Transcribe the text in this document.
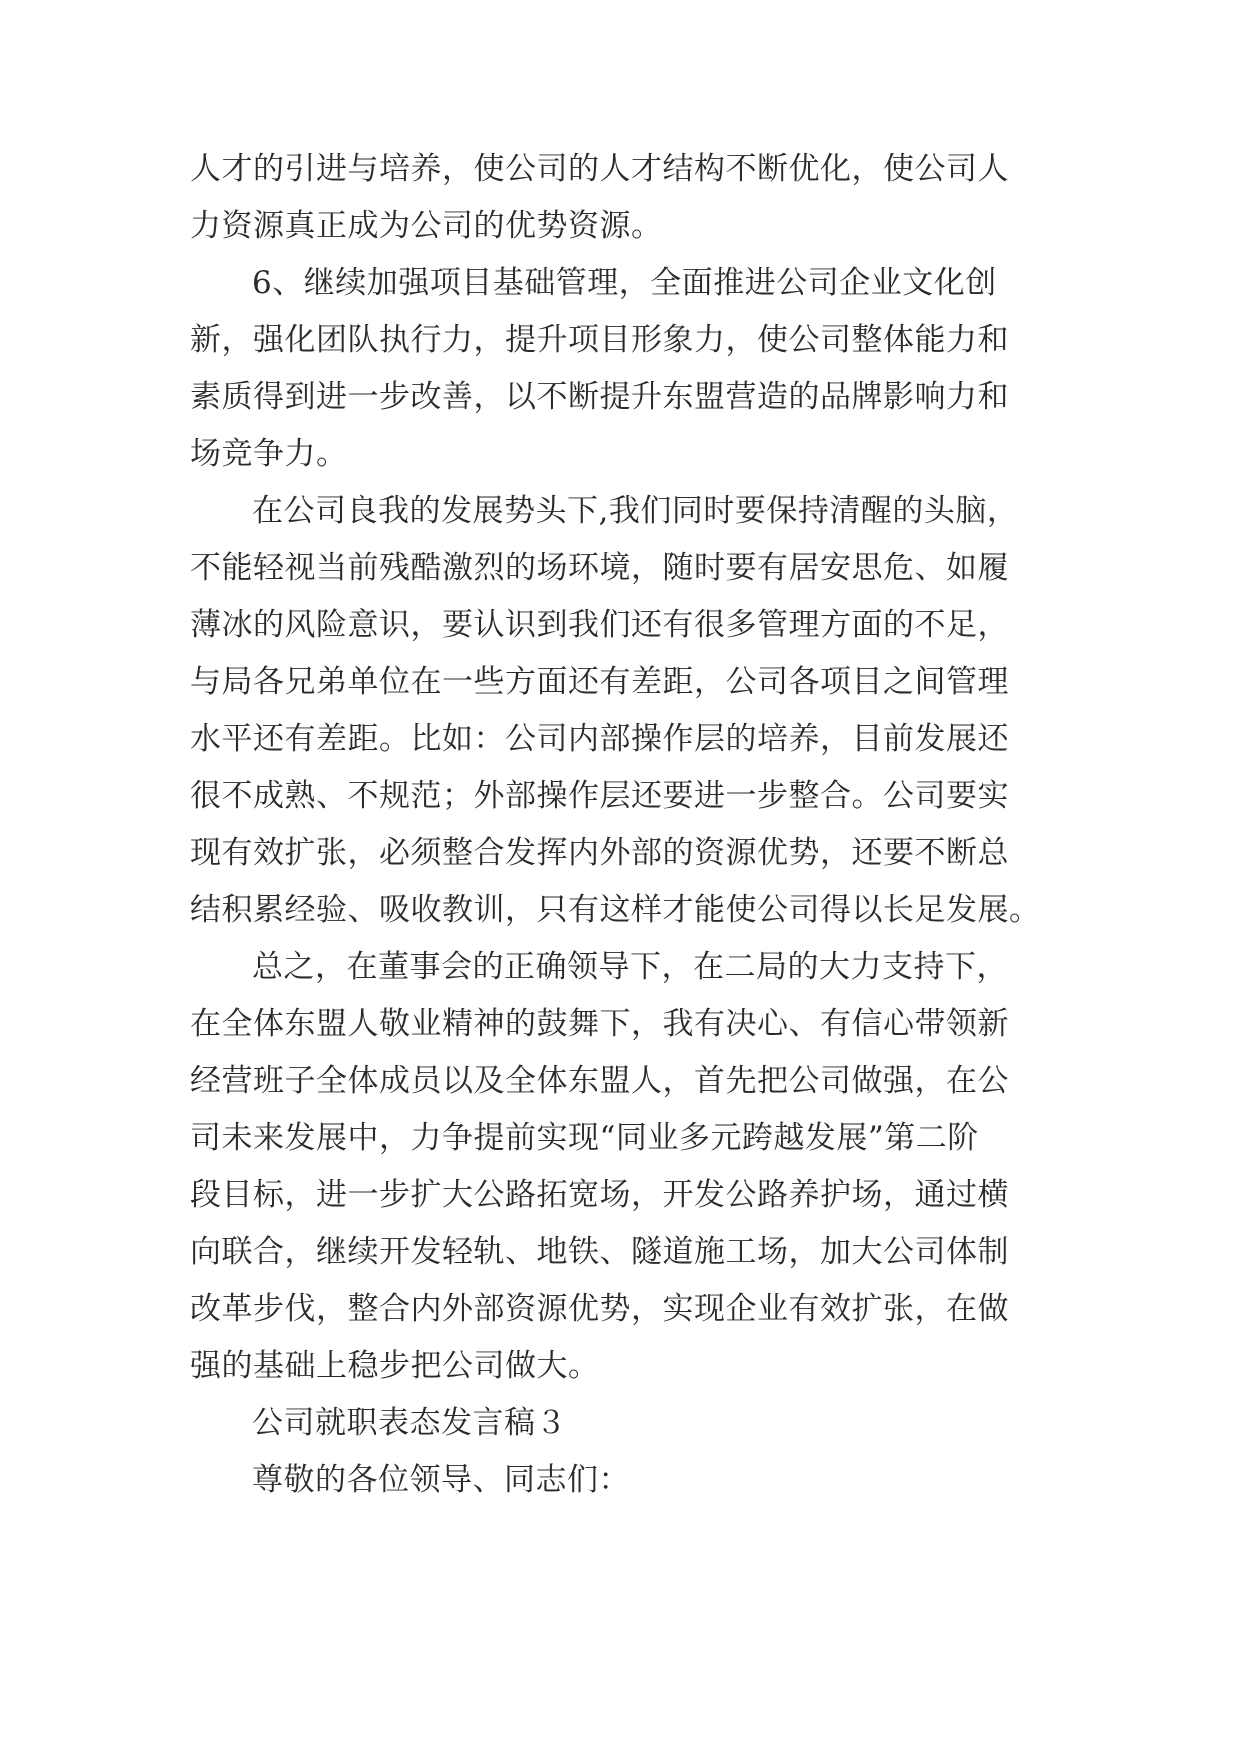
人才的引进与培养，使公司的人才结构不断优化，使公司人
力资源真正成为公司的优势资源。
6、继续加强项目基础管理，全面推进公司企业文化创
新，强化团队执行力，提升项目形象力，使公司整体能力和
素质得到进一步改善，以不断提升东盟营造的品牌影响力和
场竞争力。
在公司良我的发展势头下,我们同时要保持清醒的头脑，
不能轻视当前残酷激烈的场环境，随时要有居安思危、如履
薄冰的风险意识，要认识到我们还有很多管理方面的不足，
与局各兄弟单位在一些方面还有差距，公司各项目之间管理
水平还有差距。比如：公司内部操作层的培养，目前发展还
很不成熟、不规范；外部操作层还要进一步整合。公司要实
现有效扩张，必须整合发挥内外部的资源优势，还要不断总
结积累经验、吸收教训，只有这样才能使公司得以长足发展。
总之，在董事会的正确领导下，在二局的大力支持下，
在全体东盟人敬业精神的鼓舞下，我有决心、有信心带领新
经营班子全体成员以及全体东盟人，首先把公司做强，在公
司未来发展中，力争提前实现“同业多元跨越发展”第二阶
段目标，进一步扩大公路拓宽场，开发公路养护场，通过横
向联合，继续开发轻轨、地铁、隧道施工场，加大公司体制
改革步伐，整合内外部资源优势，实现企业有效扩张，在做
强的基础上稳步把公司做大。
公司就职表态发言稿３
尊敬的各位领导、同志们：
